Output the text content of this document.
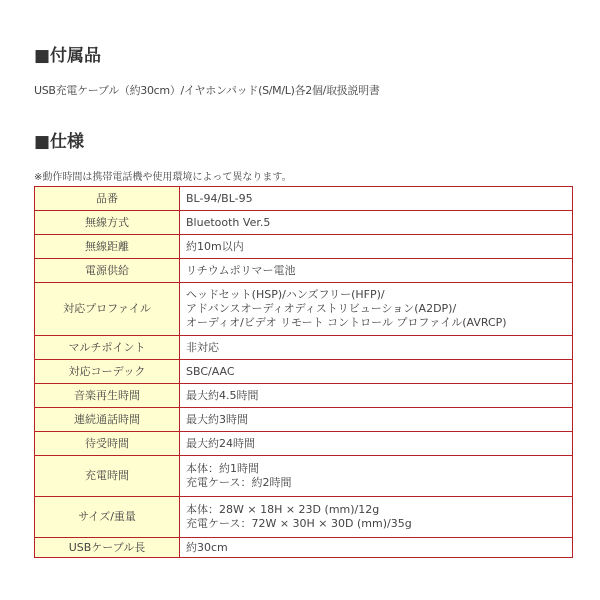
■付属品
USB充電ケーブル（約30cm）/イヤホンパッド(S/M/L)各2個/取扱説明書
■仕様
※動作時間は携帯電話機や使用環境によって異なります。
品番	BL-94/BL-95

無線方式	Bluetooth Ver.5

無線距離	約10m以内

電源供給	リチウムポリマー電池

対応プロファイル	ヘッドセット(HSP)/ハンズフリー(HFP)/
アドバンスオーディオディストリビューション(A2DP)/
オーディオ/ビデオ リモート コントロール プロファイル(AVRCP)

マルチポイント	非対応

対応コーデック	SBC/AAC

音楽再生時間	最大約4.5時間

連続通話時間	最大約3時間

待受時間	最大約24時間

充電時間	本体：約1時間
充電ケース：約2時間

サイズ/重量	本体：28W × 18H × 23D (mm)/12g
充電ケース：72W × 30H × 30D (mm)/35g

USBケーブル長	約30cm
